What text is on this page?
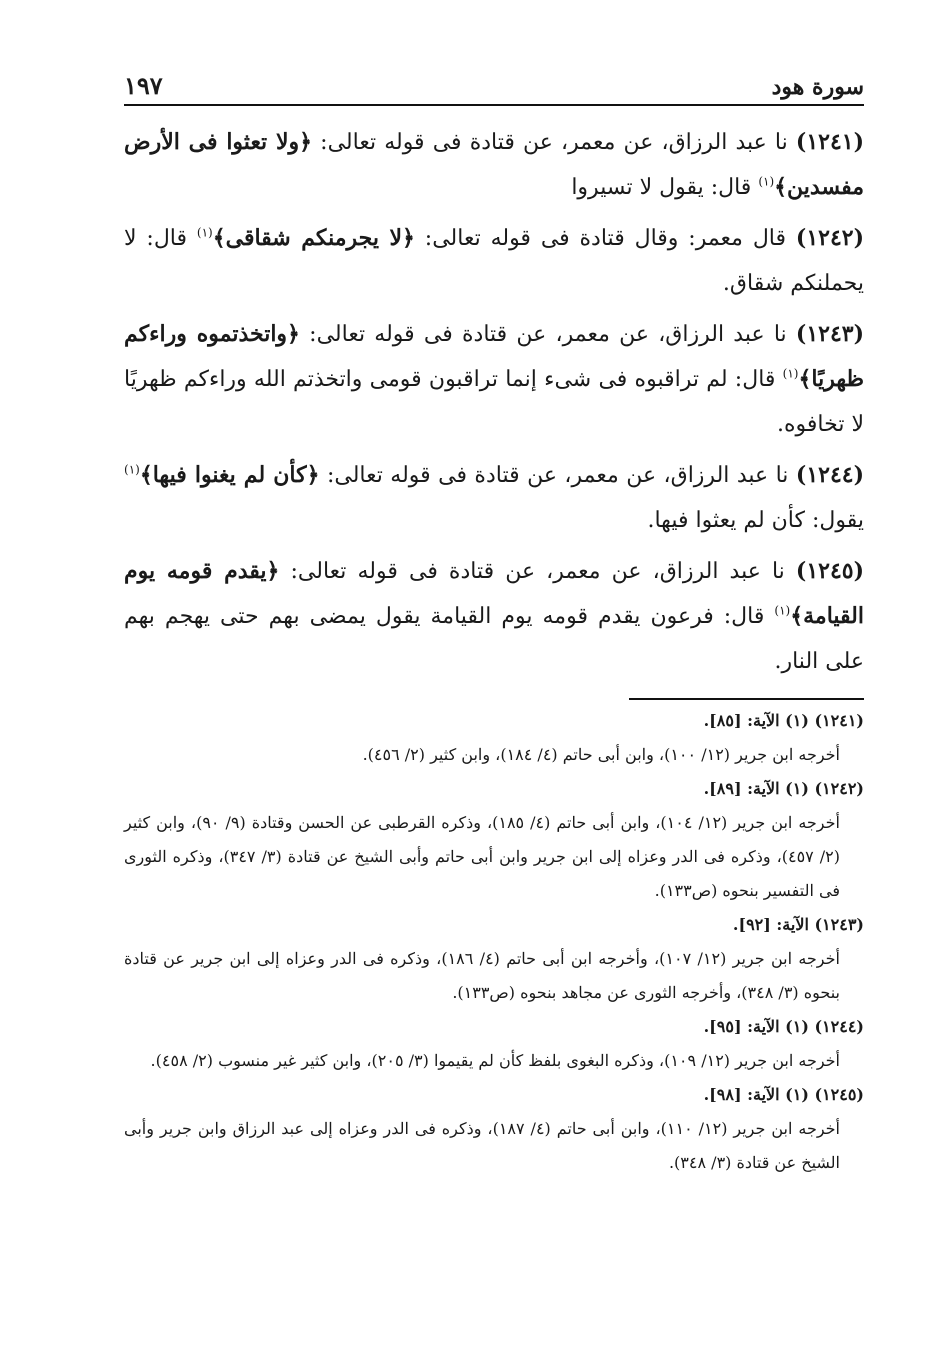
سورة هود
١٩٧

(١٢٤١) نا عبد الرزاق، عن معمر، عن قتادة فى قوله تعالى: ﴿ولا تعثوا فى الأرض مفسدين﴾$^{(١)}$ قال: يقول لا تسيروا

(١٢٤٢) قال معمر: وقال قتادة فى قوله تعالى: ﴿لا يجرمنكم شقاقى﴾$^{(١)}$ قال: لا يحملنكم شقاق.

(١٢٤٣) نا عبد الرزاق، عن معمر، عن قتادة فى قوله تعالى: ﴿واتخذتموه وراءكم ظهريًا﴾$^{(١)}$ قال: لم تراقبوه فى شىء إنما تراقبون قومى واتخذتم الله وراءكم ظهريًا لا تخافوه.

(١٢٤٤) نا عبد الرزاق، عن معمر، عن قتادة فى قوله تعالى: ﴿كأن لم يغنوا فيها﴾$^{(١)}$ يقول: كأن لم يعثوا فيها.

(١٢٤٥) نا عبد الرزاق، عن معمر، عن قتادة فى قوله تعالى: ﴿يقدم قومه يوم القيامة﴾$^{(١)}$ قال: فرعون يقدم قومه يوم القيامة يقول يمضى بهم حتى يهجم بهم على النار.

(١٢٤١) (١) الآية: [٨٥].
أخرجه ابن جرير (١٢/ ١٠٠)، وابن أبى حاتم (٤/ ١٨٤)، وابن كثير (٢/ ٤٥٦).
(١٢٤٢) (١) الآية: [٨٩].
أخرجه ابن جرير (١٢/ ١٠٤)، وابن أبى حاتم (٤/ ١٨٥)، وذكره القرطبى عن الحسن وقتادة (٩/ ٩٠)، وابن كثير (٢/ ٤٥٧)، وذكره فى الدر وعزاه إلى ابن جرير وابن أبى حاتم وأبى الشيخ عن قتادة (٣/ ٣٤٧)، وذكره الثورى فى التفسير بنحوه (ص١٣٣).
(١٢٤٣) الآية: [٩٢].
أخرجه ابن جرير (١٢/ ١٠٧)، وأخرجه ابن أبى حاتم (٤/ ١٨٦)، وذكره فى الدر وعزاه إلى ابن جرير عن قتادة بنحوه (٣/ ٣٤٨)، وأخرجه الثورى عن مجاهد بنحوه (ص١٣٣).
(١٢٤٤) (١) الآية: [٩٥].
أخرجه ابن جرير (١٢/ ١٠٩)، وذكره البغوى بلفظ كأن لم يقيموا (٣/ ٢٠٥)، وابن كثير غير منسوب (٢/ ٤٥٨).
(١٢٤٥) (١) الآية: [٩٨].
أخرجه ابن جرير (١٢/ ١١٠)، وابن أبى حاتم (٤/ ١٨٧)، وذكره فى الدر وعزاه إلى عبد الرزاق وابن جرير وأبى الشيخ عن قتادة (٣/ ٣٤٨).
